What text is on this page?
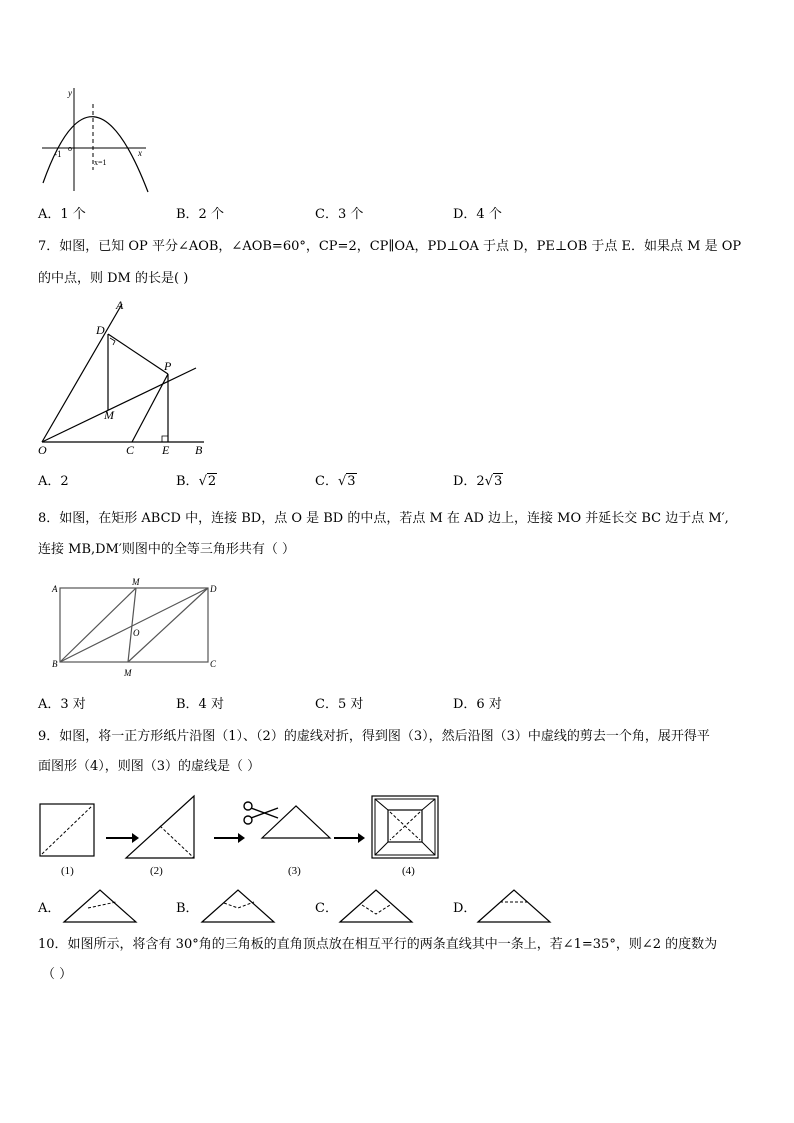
y
x
-1
o
x=1
A．1 个	B．2 个	C．3 个	D．4 个
7．如图，已知 OP 平分∠AOB，∠AOB=60°，CP=2，CP∥OA，PD⊥OA 于点 D，PE⊥OB 于点 E．如果点 M 是 OP
的中点，则 DM 的长是( )
A
D
P
M
O	C E B
A．2	B．√2	C．√3	D．2√3
8．如图，在矩形 ABCD 中，连接 BD，点 O 是 BD 的中点，若点 M 在 AD 边上，连接 MO 并延长交 BC 边于点 M′,
连接 MB,DM′则图中的全等三角形共有（ ）
A
M
D
O
B
M
C
A．3 对	B．4 对	C．5 对	D．6 对
9．如图，将一正方形纸片沿图（1）、（2）的虚线对折，得到图（3），然后沿图（3）中虚线的剪去一个角，展开得平
面图形（4），则图（3）的虚线是（ ）
(1)	(2)	(3)	(4)
A．	B．	C．	D．
10．如图所示，将含有 30°角的三角板的直角顶点放在相互平行的两条直线其中一条上，若∠1=35°，则∠2 的度数为
（ ）
